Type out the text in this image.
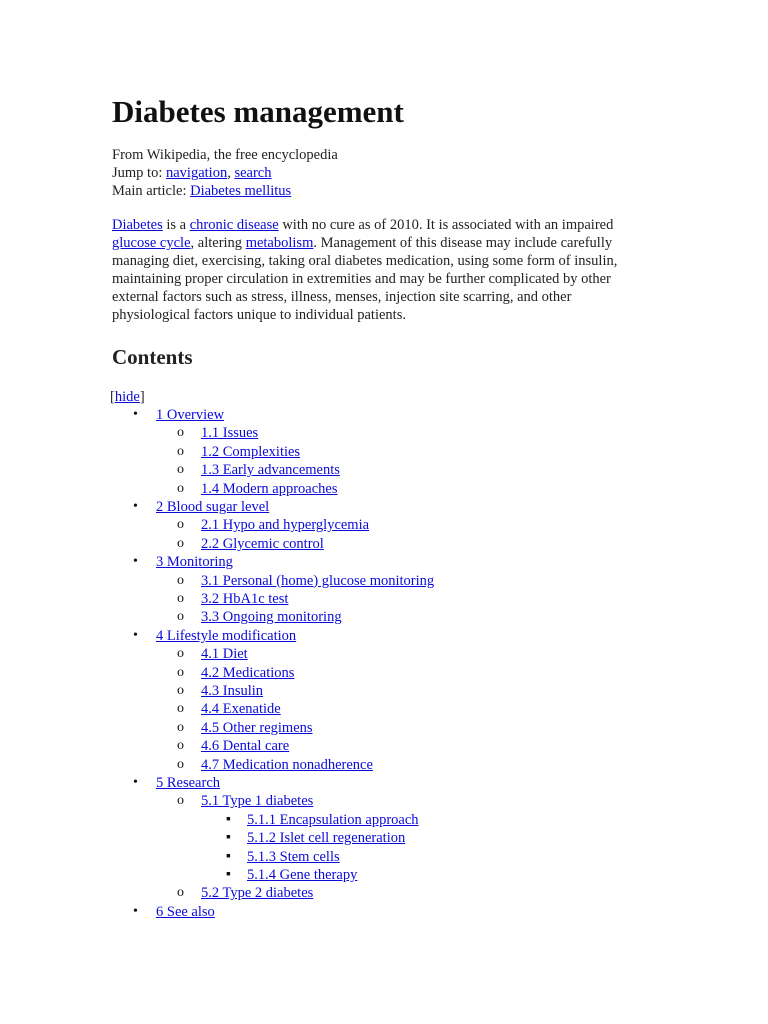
Diabetes management

From Wikipedia, the free encyclopedia

Jump to: navigation, search

Main article: Diabetes mellitus

Diabetes is a chronic disease with no cure as of 2010. It is associated with an impaired glucose cycle, altering metabolism. Management of this disease may include carefully managing diet, exercising, taking oral diabetes medication, using some form of insulin, maintaining proper circulation in extremities and may be further complicated by other external factors such as stress, illness, menses, injection site scarring, and other physiological factors unique to individual patients.

Contents
[hide]
• 1 Overview
o 1.1 Issues
o 1.2 Complexities
o 1.3 Early advancements
o 1.4 Modern approaches
• 2 Blood sugar level
o 2.1 Hypo and hyperglycemia
o 2.2 Glycemic control
• 3 Monitoring
o 3.1 Personal (home) glucose monitoring
o 3.2 HbA1c test
o 3.3 Ongoing monitoring
• 4 Lifestyle modification
o 4.1 Diet
o 4.2 Medications
o 4.3 Insulin
o 4.4 Exenatide
o 4.5 Other regimens
o 4.6 Dental care
o 4.7 Medication nonadherence
• 5 Research
o 5.1 Type 1 diabetes
▪ 5.1.1 Encapsulation approach
▪ 5.1.2 Islet cell regeneration
▪ 5.1.3 Stem cells
▪ 5.1.4 Gene therapy
o 5.2 Type 2 diabetes
• 6 See also
